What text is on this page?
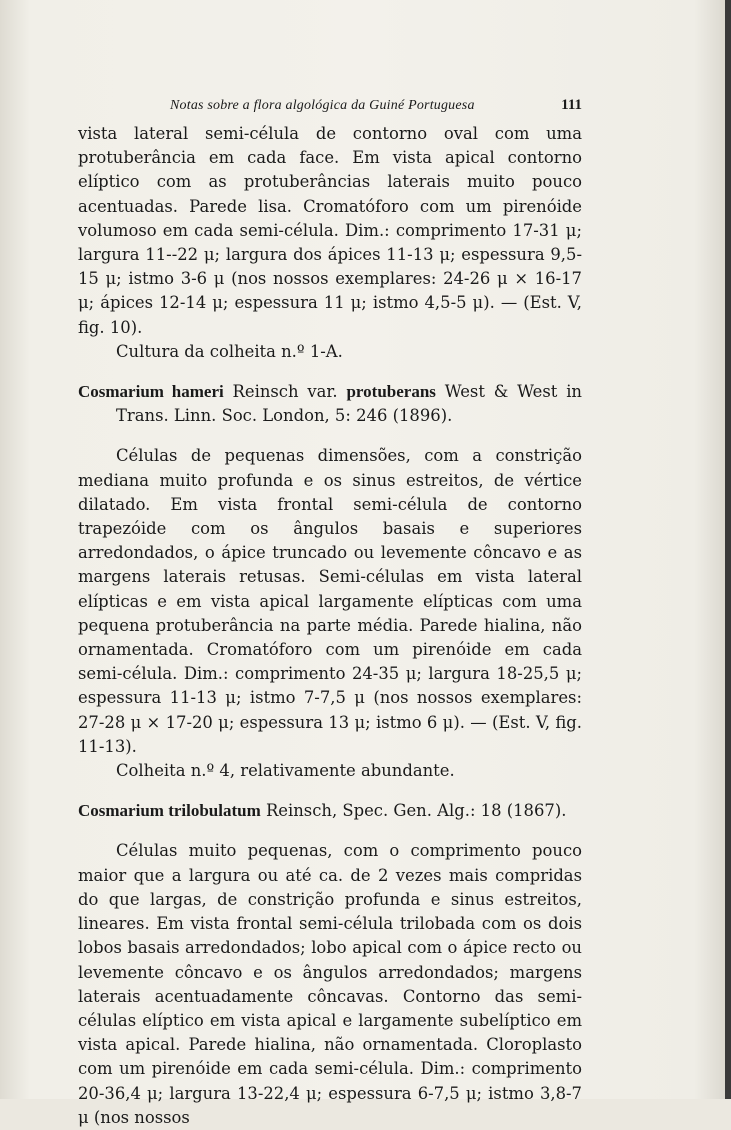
Notas sobre a flora algológica da Guiné Portuguesa	111

vista lateral semi-célula de contorno oval com uma protuberância em cada face. Em vista apical contorno elíptico com as protuberâncias laterais muito pouco acentuadas. Parede lisa. Cromatóforo com um pirenóide volumoso em cada semi-célula. Dim.: comprimento 17-31 μ; largura 11--22 μ; largura dos ápices 11-13 μ; espessura 9,5-15 μ; istmo 3-6 μ (nos nossos exemplares: 24-26 μ × 16-17 μ; ápices 12-14 μ; espessura 11 μ; istmo 4,5-5 μ). — (Est. V, fig. 10).

Cultura da colheita n.º 1-A.

Cosmarium hameri Reinsch var. protuberans West & West in Trans. Linn. Soc. London, 5: 246 (1896).

Células de pequenas dimensões, com a constrição mediana muito profunda e os sinus estreitos, de vértice dilatado. Em vista frontal semi-célula de contorno trapezóide com os ângulos basais e superiores arredondados, o ápice truncado ou levemente côncavo e as margens laterais retusas. Semi-células em vista lateral elípticas e em vista apical largamente elípticas com uma pequena protuberância na parte média. Parede hialina, não ornamentada. Cromatóforo com um pirenóide em cada semi-célula. Dim.: comprimento 24-35 μ; largura 18-25,5 μ; espessura 11-13 μ; istmo 7-7,5 μ (nos nossos exemplares: 27-28 μ × 17-20 μ; espessura 13 μ; istmo 6 μ). — (Est. V, fig. 11-13).

Colheita n.º 4, relativamente abundante.

Cosmarium trilobulatum Reinsch, Spec. Gen. Alg.: 18 (1867).

Células muito pequenas, com o comprimento pouco maior que a largura ou até ca. de 2 vezes mais compridas do que largas, de constrição profunda e sinus estreitos, lineares. Em vista frontal semi-célula trilobada com os dois lobos basais arredondados; lobo apical com o ápice recto ou levemente côncavo e os ângulos arredondados; margens laterais acentuadamente côncavas. Contorno das semi-células elíptico em vista apical e largamente subelíptico em vista apical. Parede hialina, não ornamentada. Cloroplasto com um pirenóide em cada semi-célula. Dim.: comprimento 20-36,4 μ; largura 13-22,4 μ; espessura 6-7,5 μ; istmo 3,8-7 μ (nos nossos
